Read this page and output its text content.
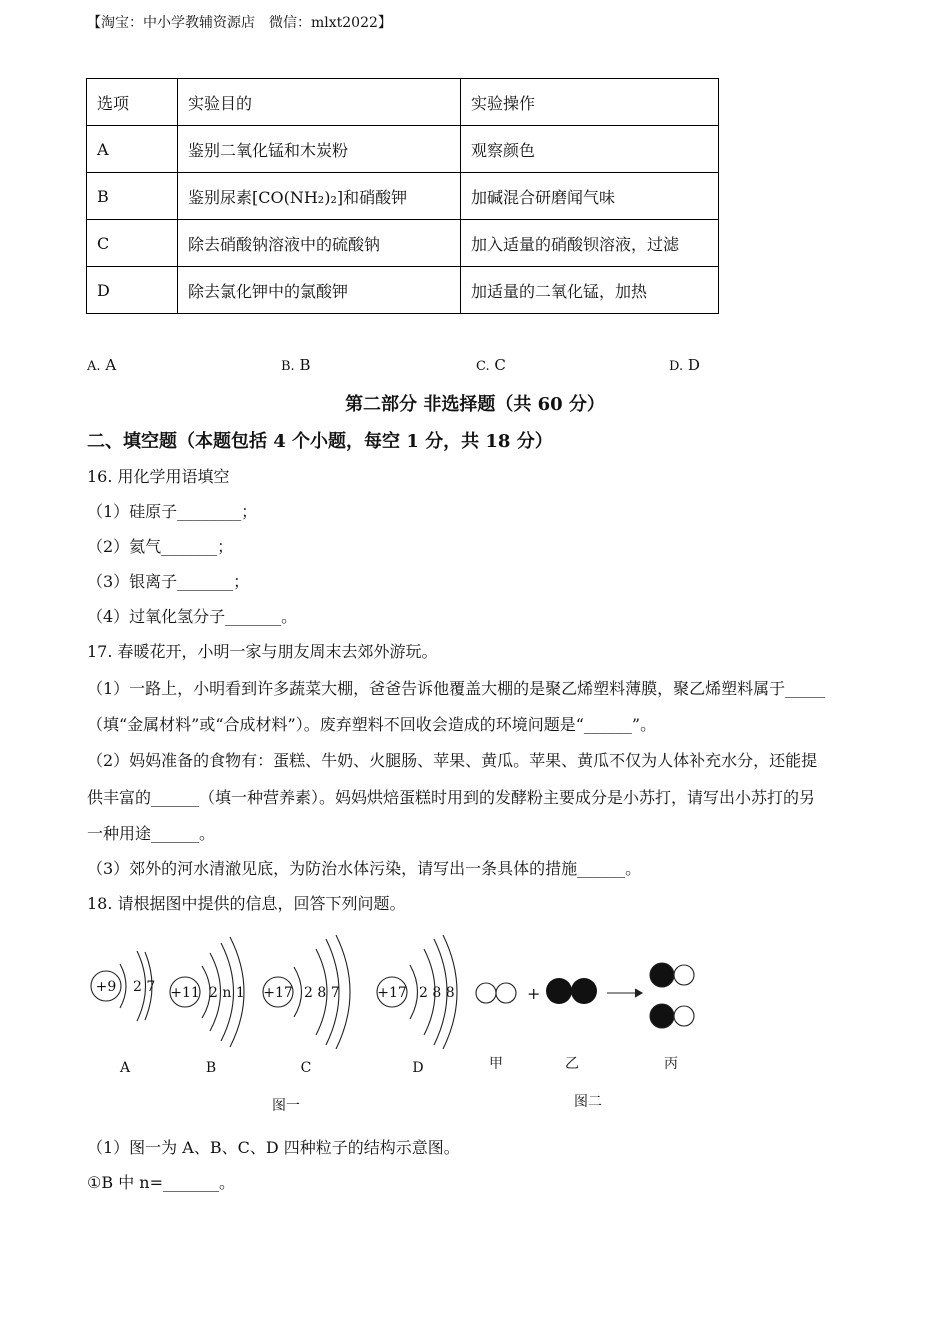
【淘宝：中小学教辅资源店　微信：mlxt2022】
选项	实验目的	实验操作
A	鉴别二氧化锰和木炭粉	观察颜色
B	鉴别尿素[CO(NH₂)₂]和硝酸钾	加碱混合研磨闻气味
C	除去硝酸钠溶液中的硫酸钠	加入适量的硝酸钡溶液，过滤
D	除去氯化钾中的氯酸钾	加适量的二氧化锰，加热
A. A	B. B	C. C	D. D
第二部分 非选择题（共 60 分）
二、填空题（本题包括 4 个小题，每空 1 分，共 18 分）
16. 用化学用语填空
（1）硅原子________；
（2）氦气_______；
（3）银离子_______；
（4）过氧化氢分子_______。
17. 春暖花开，小明一家与朋友周末去郊外游玩。
（1）一路上，小明看到许多蔬菜大棚，爸爸告诉他覆盖大棚的是聚乙烯塑料薄膜，聚乙烯塑料属于_____
（填“金属材料”或“合成材料”）。废弃塑料不回收会造成的环境问题是“______”。
（2）妈妈准备的食物有：蛋糕、牛奶、火腿肠、苹果、黄瓜。苹果、黄瓜不仅为人体补充水分，还能提
供丰富的______（填一种营养素）。妈妈烘焙蛋糕时用到的发酵粉主要成分是小苏打，请写出小苏打的另
一种用途______。
（3）郊外的河水清澈见底，为防治水体污染，请写出一条具体的措施______。
18. 请根据图中提供的信息，回答下列问题。
+9 2 7 +11 2 n 1 +17 2 8 7	+17 2 8 8	+
A	B	C	D	甲	乙	丙
图一	图二
（1）图一为 A、B、C、D 四种粒子的结构示意图。
①B 中 n=_______。
